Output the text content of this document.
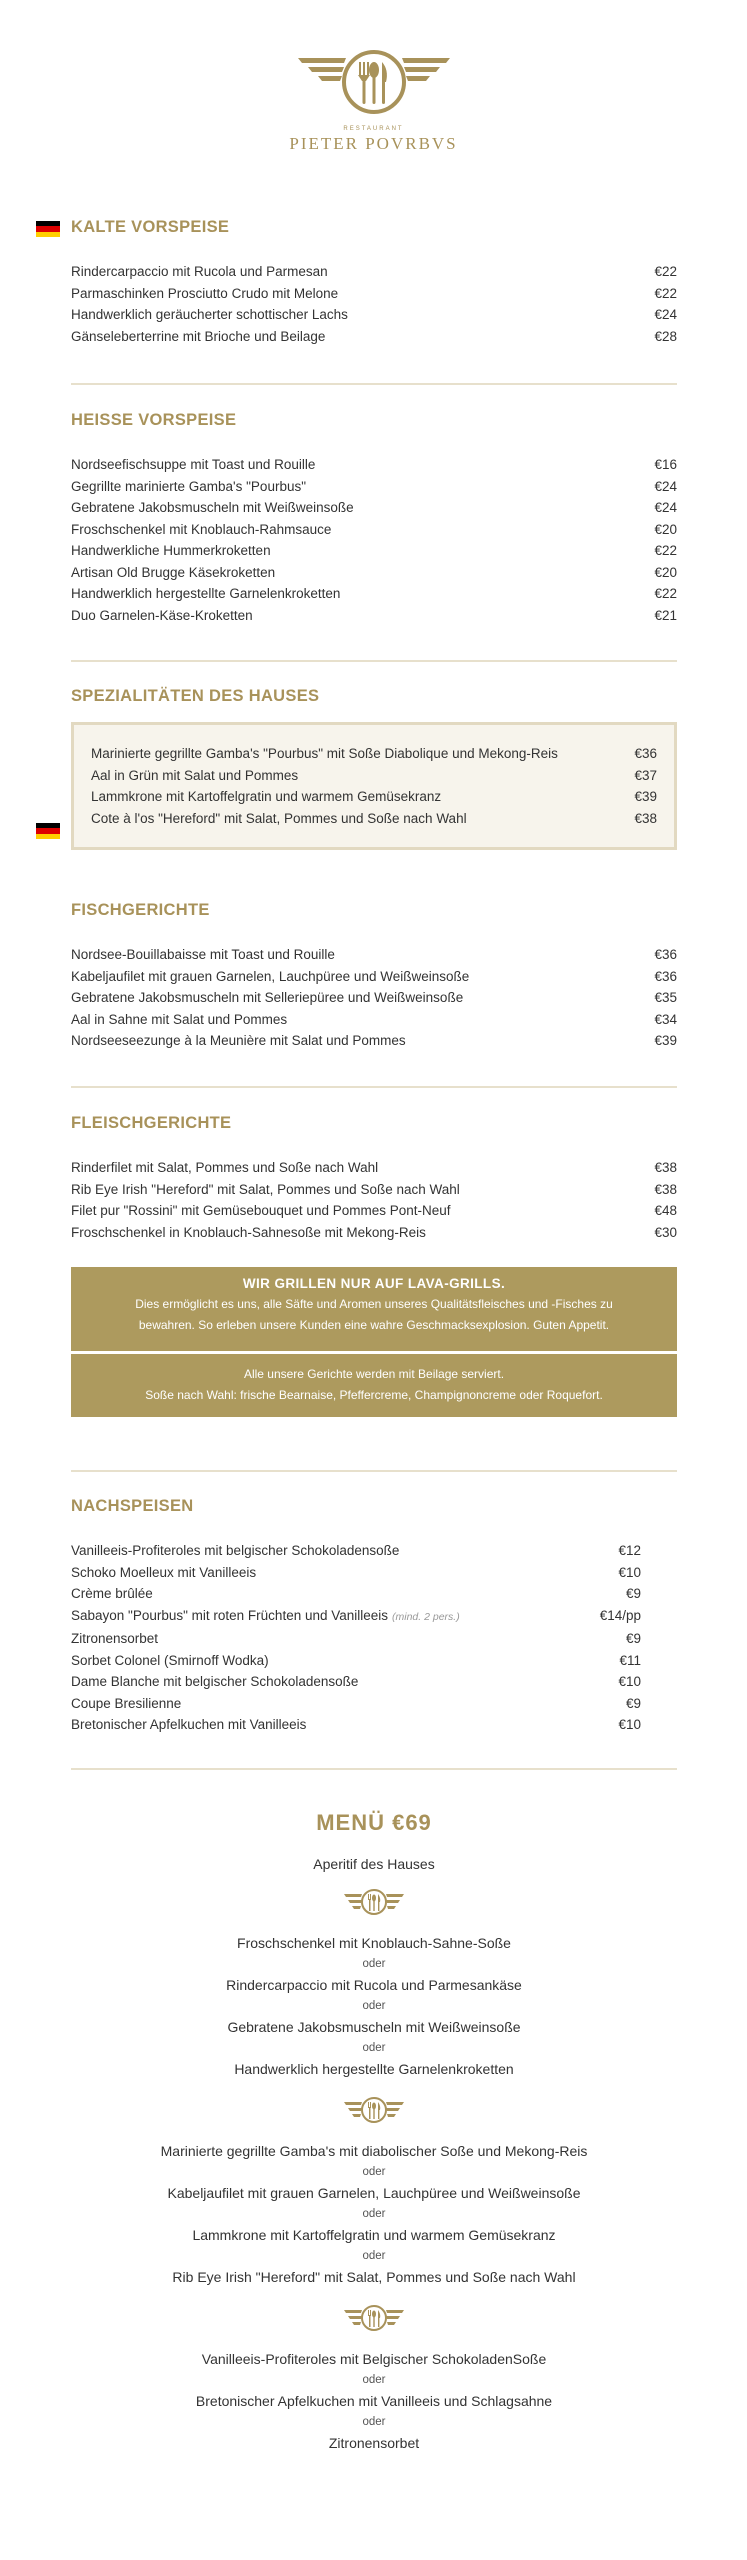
RESTAURANT
PIETER POVRBVS
KALTE VORSPEISE
Rindercarpaccio mit Rucola und Parmesan	€22
Parmaschinken Prosciutto Crudo mit Melone	€22
Handwerklich geräucherter schottischer Lachs	€24
Gänseleberterrine mit Brioche und Beilage	€28
HEISSE VORSPEISE
Nordseefischsuppe mit Toast und Rouille	€16
Gegrillte marinierte Gamba's "Pourbus"	€24
Gebratene Jakobsmuscheln mit Weißweinsoße	€24
Froschschenkel mit Knoblauch-Rahmsauce	€20
Handwerkliche Hummerkroketten	€22
Artisan Old Brugge Käsekroketten	€20
Handwerklich hergestellte Garnelenkroketten	€22
Duo Garnelen-Käse-Kroketten	€21
SPEZIALITÄTEN DES HAUSES
Marinierte gegrillte Gamba's "Pourbus" mit Soße Diabolique und Mekong-Reis	€36
Aal in Grün mit Salat und Pommes	€37
Lammkrone mit Kartoffelgratin und warmem Gemüsekranz	€39
Cote à l'os "Hereford" mit Salat, Pommes und Soße nach Wahl	€38
FISCHGERICHTE
Nordsee-Bouillabaisse mit Toast und Rouille	€36
Kabeljaufilet mit grauen Garnelen, Lauchpüree und Weißweinsoße	€36
Gebratene Jakobsmuscheln mit Selleriepüree und Weißweinsoße	€35
Aal in Sahne mit Salat und Pommes	€34
Nordseeseezunge à la Meunière mit Salat und Pommes	€39
FLEISCHGERICHTE
Rinderfilet mit Salat, Pommes und Soße nach Wahl	€38
Rib Eye Irish "Hereford" mit Salat, Pommes und Soße nach Wahl	€38
Filet pur "Rossini" mit Gemüsebouquet und Pommes Pont-Neuf	€48
Froschschenkel in Knoblauch-Sahnesoße mit Mekong-Reis	€30
WIR GRILLEN NUR AUF LAVA-GRILLS.
Dies ermöglicht es uns, alle Säfte und Aromen unseres Qualitätsfleisches und -Fisches zu
bewahren. So erleben unsere Kunden eine wahre Geschmacksexplosion. Guten Appetit.
Alle unsere Gerichte werden mit Beilage serviert.
Soße nach Wahl: frische Bearnaise, Pfeffercreme, Champignoncreme oder Roquefort.
NACHSPEISEN
Vanilleeis-Profiteroles mit belgischer Schokoladensoße	€12
Schoko Moelleux mit Vanilleeis	€10
Crème brûlée	€9
Sabayon "Pourbus" mit roten Früchten und Vanilleeis (mind. 2 pers.)	€14/pp
Zitronensorbet	€9
Sorbet Colonel (Smirnoff Wodka)	€11
Dame Blanche mit belgischer Schokoladensoße	€10
Coupe Bresilienne	€9
Bretonischer Apfelkuchen mit Vanilleeis	€10
MENÜ €69
Aperitif des Hauses
Froschschenkel mit Knoblauch-Sahne-Soße
oder
Rindercarpaccio mit Rucola und Parmesankäse
oder
Gebratene Jakobsmuscheln mit Weißweinsoße
oder
Handwerklich hergestellte Garnelenkroketten
Marinierte gegrillte Gamba's mit diabolischer Soße und Mekong-Reis
oder
Kabeljaufilet mit grauen Garnelen, Lauchpüree und Weißweinsoße
oder
Lammkrone mit Kartoffelgratin und warmem Gemüsekranz
oder
Rib Eye Irish "Hereford" mit Salat, Pommes und Soße nach Wahl
Vanilleeis-Profiteroles mit Belgischer SchokoladenSoße
oder
Bretonischer Apfelkuchen mit Vanilleeis und Schlagsahne
oder
Zitronensorbet
